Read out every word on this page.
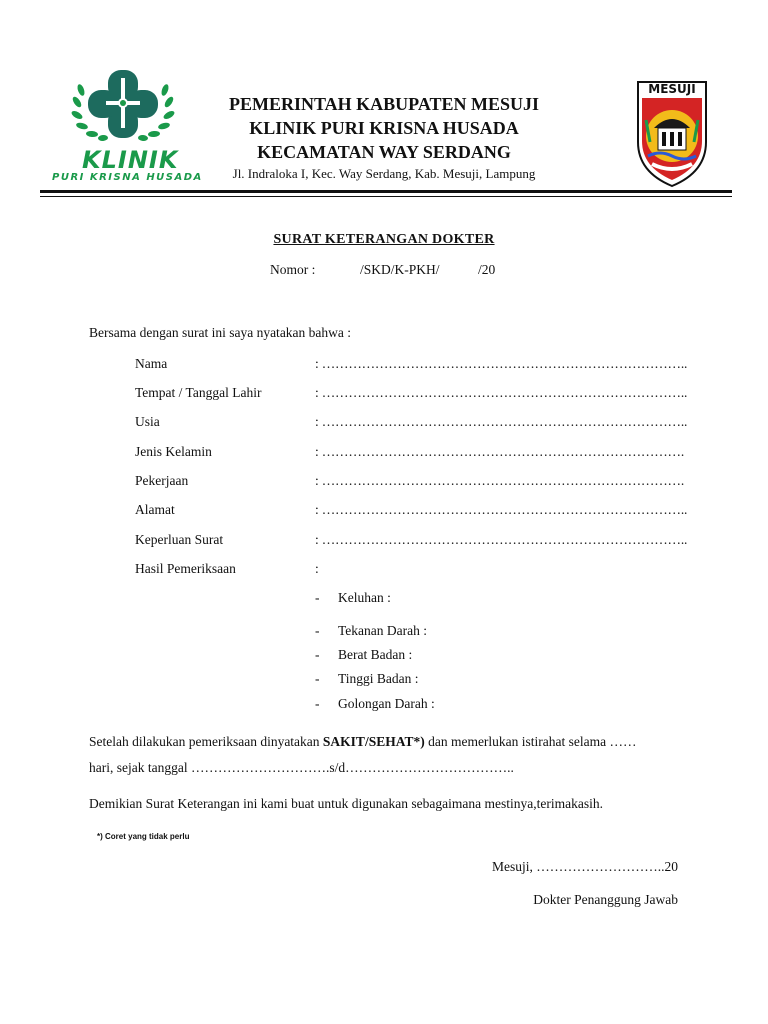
KLINIK
PURI KRISNA HUSADA
PEMERINTAH KABUPATEN MESUJI
KLINIK PURI KRISNA HUSADA
KECAMATAN WAY SERDANG
Jl. Indraloka I, Kec. Way Serdang, Kab. Mesuji, Lampung
MESUJI
SURAT KETERANGAN DOKTER
Nomor :	/SKD/K-PKH/	/20
Bersama dengan surat ini saya nyatakan bahwa :
Nama	: ………………………………………………………………………..
Tempat / Tanggal Lahir	: ………………………………………………………………………..
Usia	: ………………………………………………………………………..
Jenis Kelamin	: ……………………………………………………………………….
Pekerjaan	: ……………………………………………………………………….
Alamat	: ………………………………………………………………………..
Keperluan Surat	: ………………………………………………………………………..
Hasil Pemeriksaan	:
- Keluhan :
- Tekanan Darah :
- Berat Badan :
- Tinggi Badan :
- Golongan Darah :
Setelah dilakukan pemeriksaan dinyatakan SAKIT/SEHAT*) dan memerlukan istirahat selama ……
hari, sejak tanggal ………………………….s/d………………………………..
Demikian Surat Keterangan ini kami buat untuk digunakan sebagaimana mestinya,terimakasih.
*) Coret yang tidak perlu
Mesuji, ………………………..20
Dokter Penanggung Jawab
